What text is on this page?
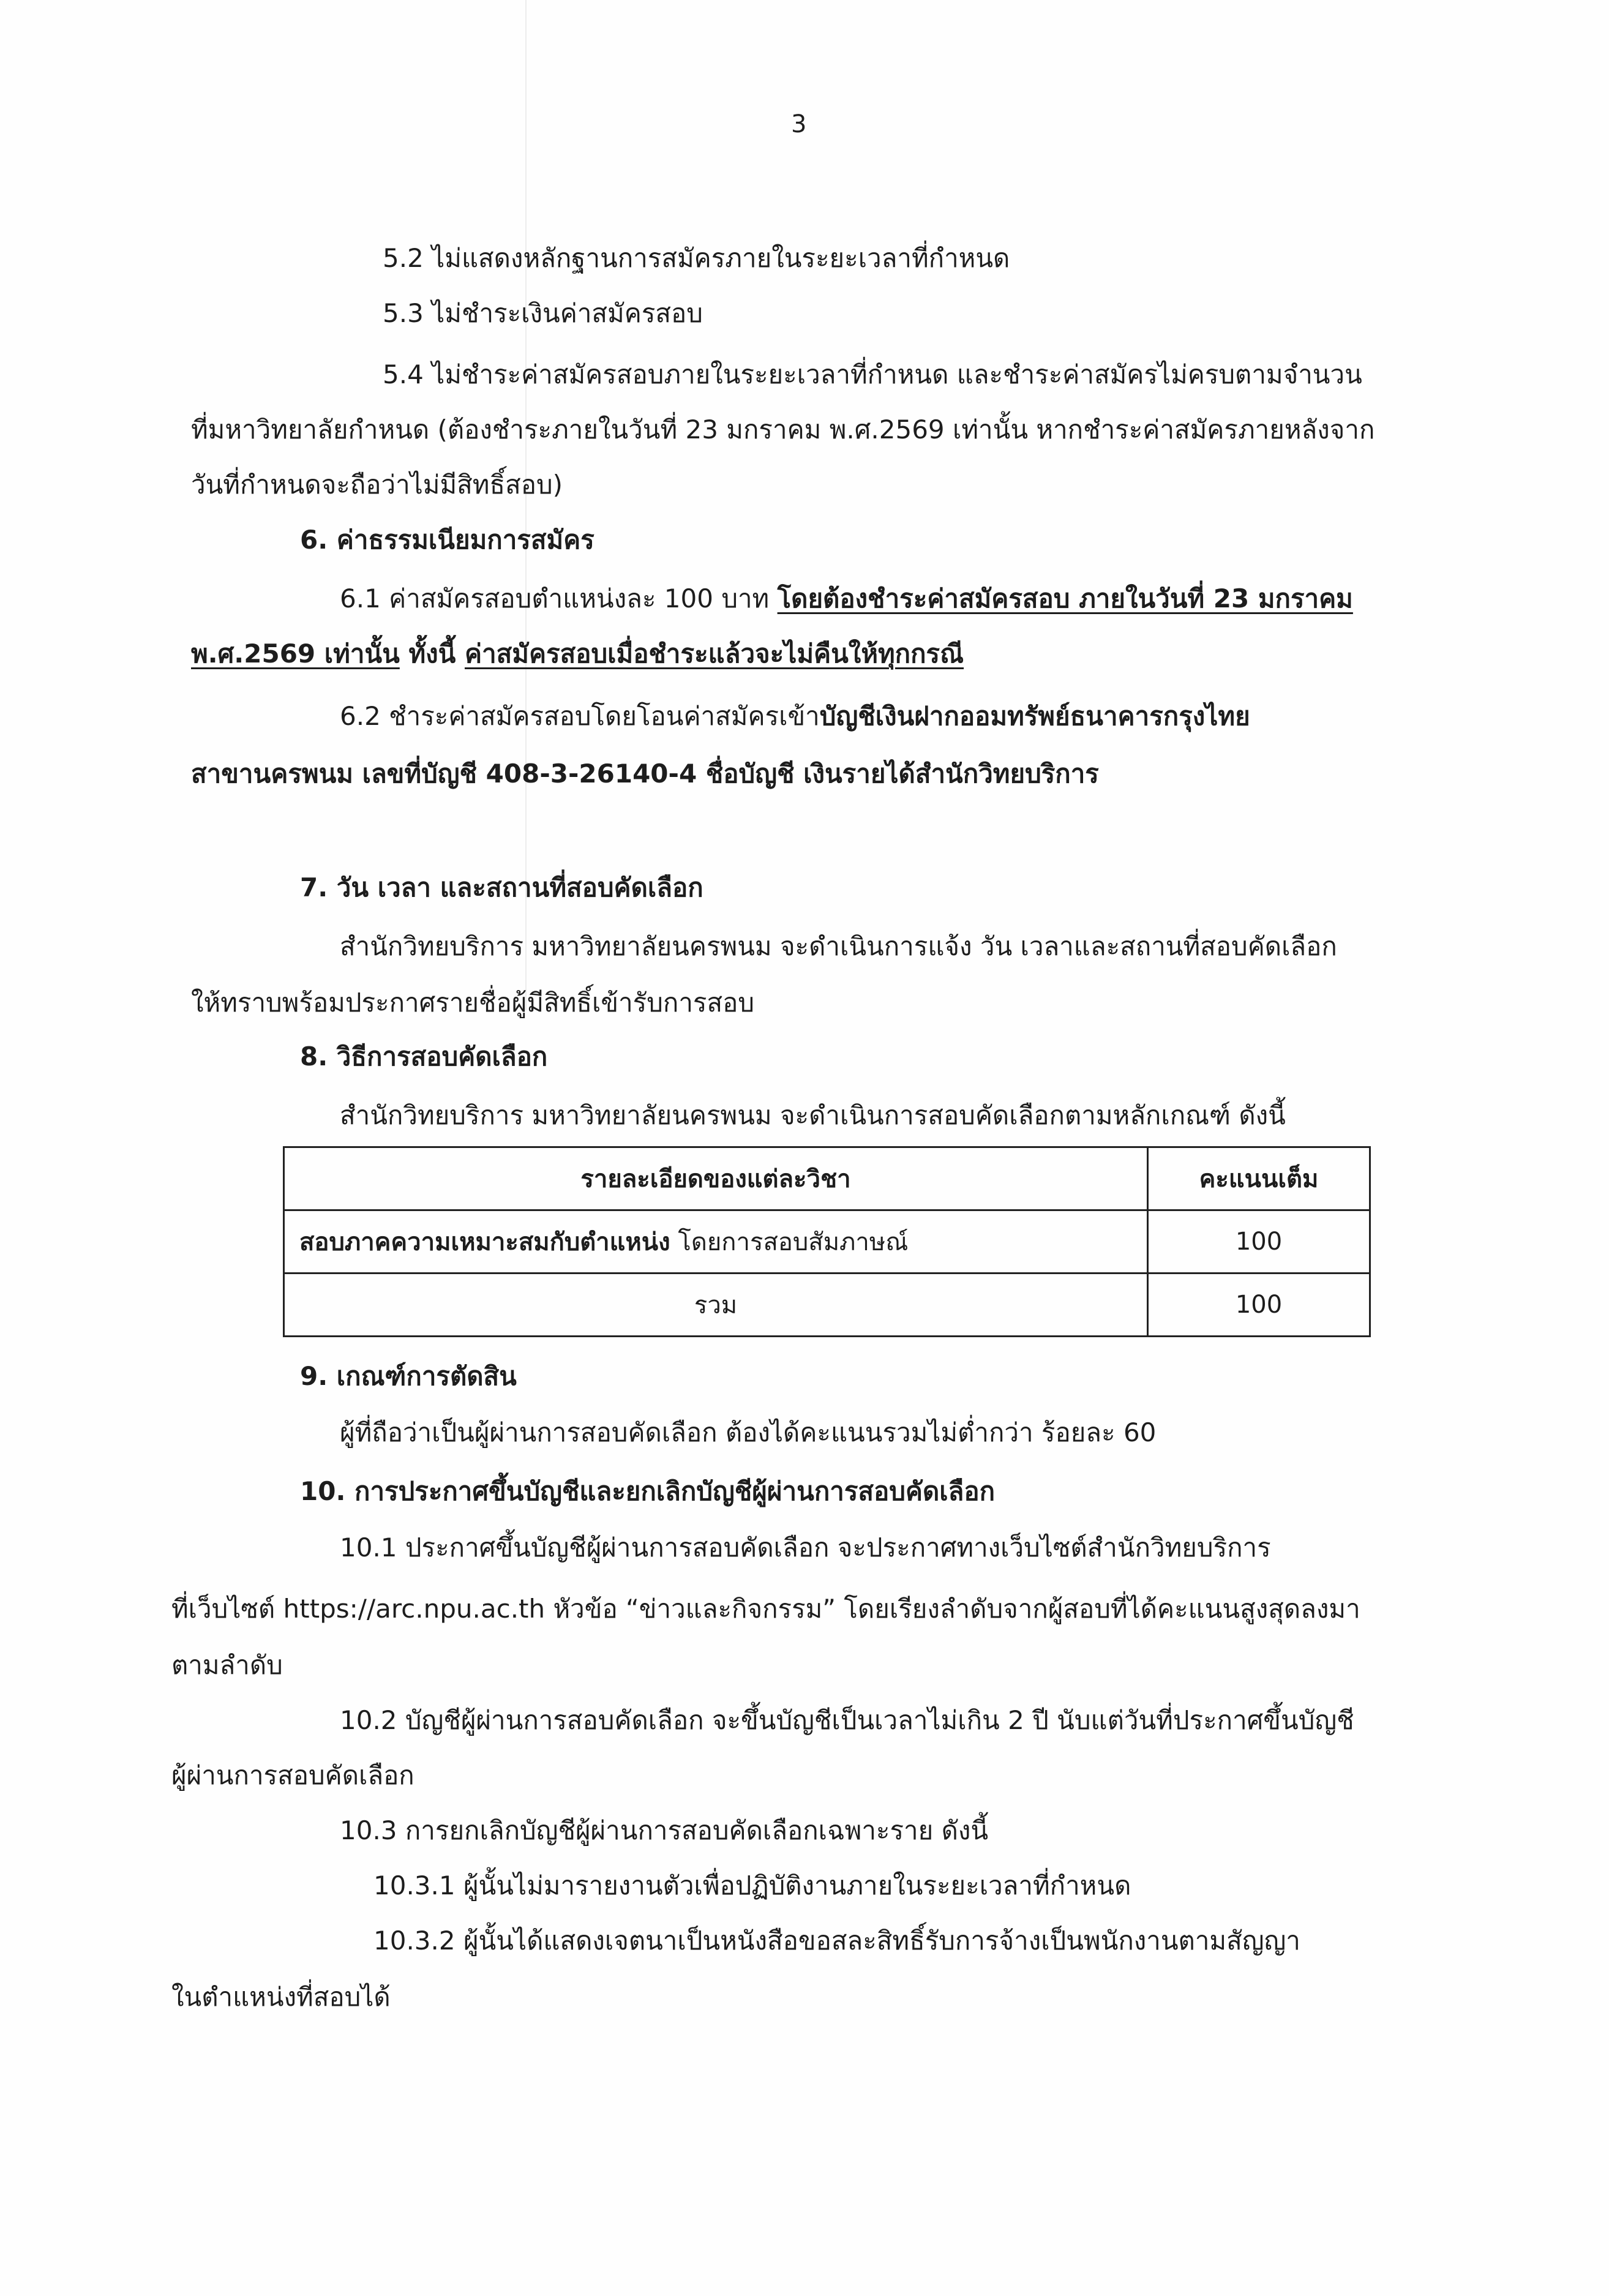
3
5.2 ไม่แสดงหลักฐานการสมัครภายในระยะเวลาที่กำหนด
5.3 ไม่ชำระเงินค่าสมัครสอบ
5.4 ไม่ชำระค่าสมัครสอบภายในระยะเวลาที่กำหนด และชำระค่าสมัครไม่ครบตามจำนวน
ที่มหาวิทยาลัยกำหนด (ต้องชำระภายในวันที่ 23 มกราคม พ.ศ.2569 เท่านั้น หากชำระค่าสมัครภายหลังจาก
วันที่กำหนดจะถือว่าไม่มีสิทธิ์สอบ)
6. ค่าธรรมเนียมการสมัคร
6.1 ค่าสมัครสอบตำแหน่งละ 100 บาท โดยต้องชำระค่าสมัครสอบ ภายในวันที่ 23 มกราคม
พ.ศ.2569 เท่านั้น ทั้งนี้ ค่าสมัครสอบเมื่อชำระแล้วจะไม่คืนให้ทุกกรณี
6.2 ชำระค่าสมัครสอบโดยโอนค่าสมัครเข้าบัญชีเงินฝากออมทรัพย์ธนาคารกรุงไทย
สาขานครพนม เลขที่บัญชี 408-3-26140-4 ชื่อบัญชี เงินรายได้สำนักวิทยบริการ
7. วัน เวลา และสถานที่สอบคัดเลือก
สำนักวิทยบริการ มหาวิทยาลัยนครพนม จะดำเนินการแจ้ง วัน เวลาและสถานที่สอบคัดเลือก
ให้ทราบพร้อมประกาศรายชื่อผู้มีสิทธิ์เข้ารับการสอบ
8. วิธีการสอบคัดเลือก
สำนักวิทยบริการ มหาวิทยาลัยนครพนม จะดำเนินการสอบคัดเลือกตามหลักเกณฑ์ ดังนี้
รายละเอียดของแต่ละวิชา	คะแนนเต็ม
สอบภาคความเหมาะสมกับตำแหน่ง โดยการสอบสัมภาษณ์	100
รวม	100
9. เกณฑ์การตัดสิน
ผู้ที่ถือว่าเป็นผู้ผ่านการสอบคัดเลือก ต้องได้คะแนนรวมไม่ต่ำกว่า ร้อยละ 60
10. การประกาศขึ้นบัญชีและยกเลิกบัญชีผู้ผ่านการสอบคัดเลือก
10.1 ประกาศขึ้นบัญชีผู้ผ่านการสอบคัดเลือก จะประกาศทางเว็บไซต์สำนักวิทยบริการ
ที่เว็บไซต์ https://arc.npu.ac.th หัวข้อ “ข่าวและกิจกรรม” โดยเรียงลำดับจากผู้สอบที่ได้คะแนนสูงสุดลงมา
ตามลำดับ
10.2 บัญชีผู้ผ่านการสอบคัดเลือก จะขึ้นบัญชีเป็นเวลาไม่เกิน 2 ปี นับแต่วันที่ประกาศขึ้นบัญชี
ผู้ผ่านการสอบคัดเลือก
10.3 การยกเลิกบัญชีผู้ผ่านการสอบคัดเลือกเฉพาะราย ดังนี้
10.3.1 ผู้นั้นไม่มารายงานตัวเพื่อปฏิบัติงานภายในระยะเวลาที่กำหนด
10.3.2 ผู้นั้นได้แสดงเจตนาเป็นหนังสือขอสละสิทธิ์รับการจ้างเป็นพนักงานตามสัญญา
ในตำแหน่งที่สอบได้
